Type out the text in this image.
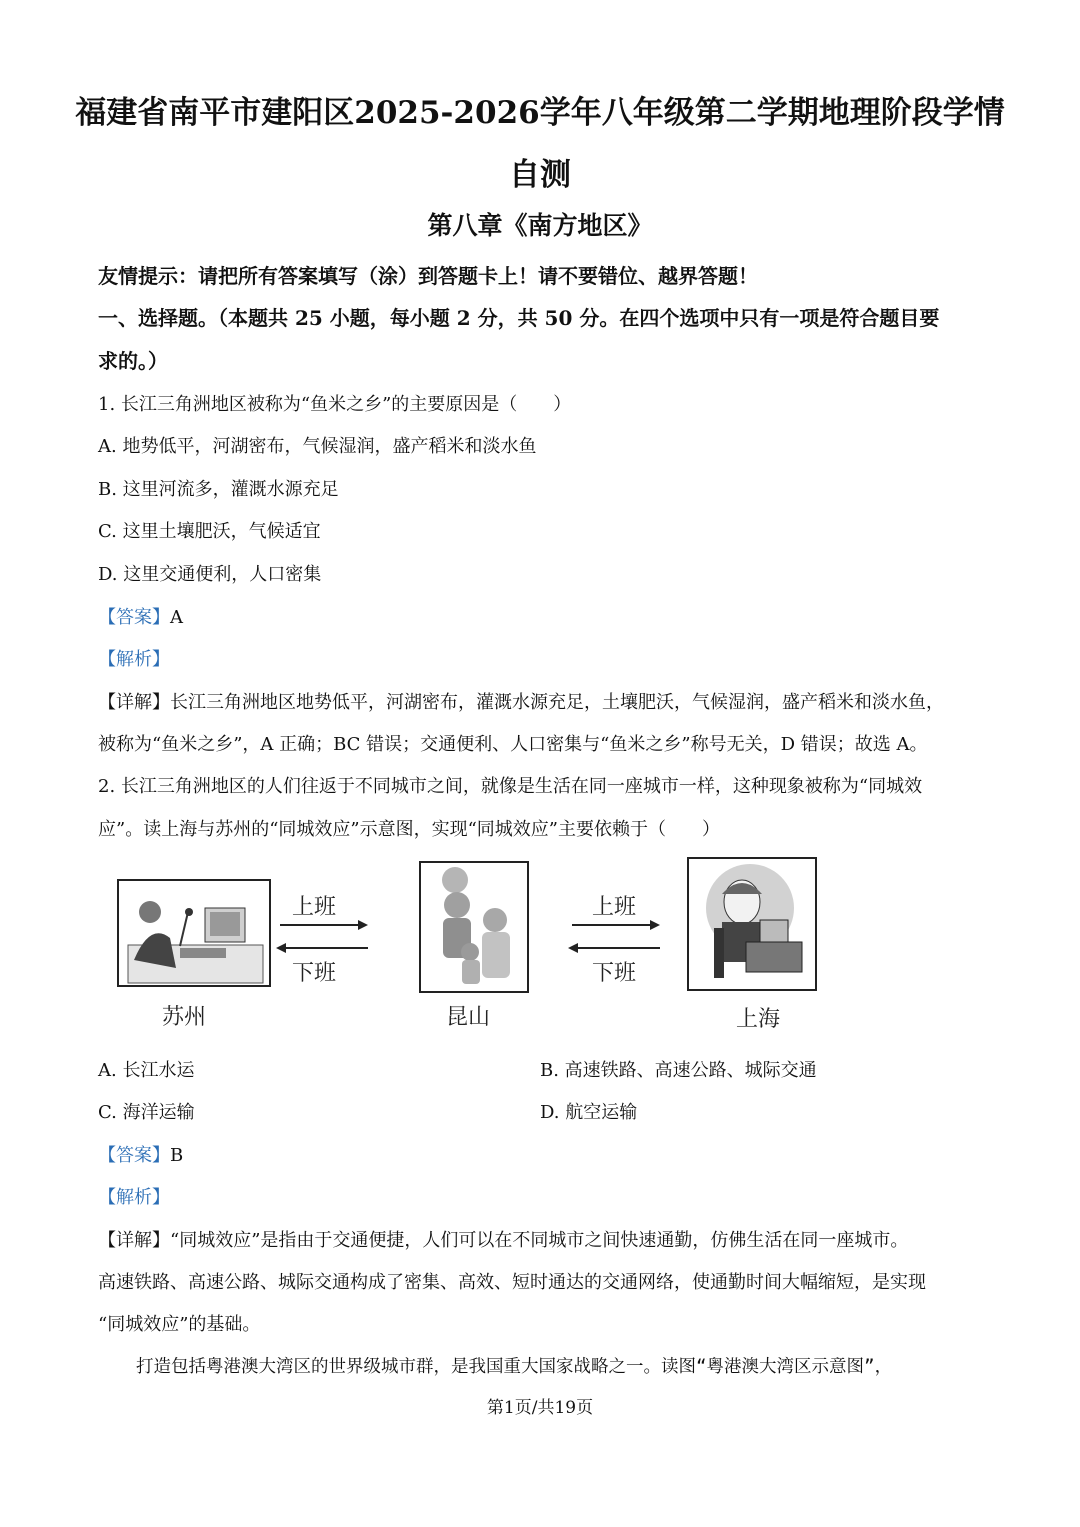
福建省南平市建阳区2025-2026学年八年级第二学期地理阶段学情自测
第八章《南方地区》
友情提示：请把所有答案填写（涂）到答题卡上！请不要错位、越界答题！
一、选择题。（本题共 25 小题，每小题 2 分，共 50 分。在四个选项中只有一项是符合题目要
求的。）
1. 长江三角洲地区被称为“鱼米之乡”的主要原因是（　　）
A. 地势低平，河湖密布，气候湿润，盛产稻米和淡水鱼
B. 这里河流多，灌溉水源充足
C. 这里土壤肥沃，气候适宜
D. 这里交通便利，人口密集
【答案】A
【解析】
【详解】长江三角洲地区地势低平，河湖密布，灌溉水源充足，土壤肥沃，气候湿润，盛产稻米和淡水鱼，
被称为“鱼米之乡”，A 正确；BC 错误；交通便利、人口密集与“鱼米之乡”称号无关，D 错误；故选 A。
2. 长江三角洲地区的人们往返于不同城市之间，就像是生活在同一座城市一样，这种现象被称为“同城效
应”。读上海与苏州的“同城效应”示意图，实现“同城效应”主要依赖于（　　）
上班
下班
上班
下班
苏州	昆山	上海
A. 长江水运	B. 高速铁路、高速公路、城际交通
C. 海洋运输	D. 航空运输
【答案】B
【解析】
【详解】“同城效应”是指由于交通便捷，人们可以在不同城市之间快速通勤，仿佛生活在同一座城市。
高速铁路、高速公路、城际交通构成了密集、高效、短时通达的交通网络，使通勤时间大幅缩短，是实现
“同城效应”的基础。
打造包括粤港澳大湾区的世界级城市群，是我国重大国家战略之一。读图“粤港澳大湾区示意图”，
第1页/共19页
